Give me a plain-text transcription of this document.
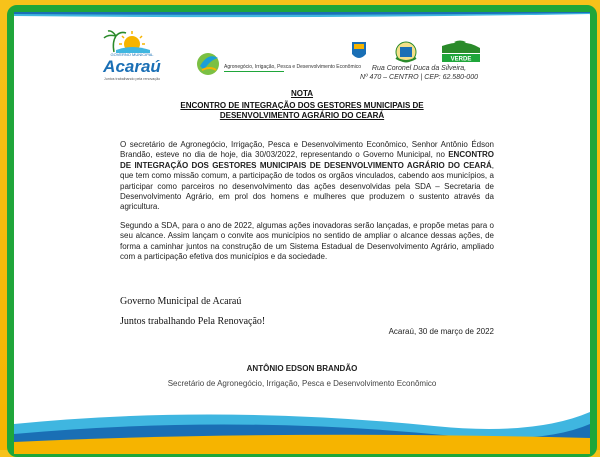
GOVERNO MUNICIPAL
Acaraú
Juntos trabalhando pela renovação
Agronegócio, Irrigação, Pesca e Desenvolvimento Econômico
VERDE
Rua Coronel Duca da Silveira,
Nº 470 – CENTRO | CEP: 62.580-000
NOTA
ENCONTRO DE INTEGRAÇÃO DOS GESTORES MUNICIPAIS DE
DESENVOLVIMENTO AGRÁRIO DO CEARÁ

O secretário de Agronegócio, Irrigação, Pesca e Desenvolvimento Econômico, Senhor Antônio Édson Brandão, esteve no dia de hoje, dia 30/03/2022, representando o Governo Municipal, no ENCONTRO DE INTEGRAÇÃO DOS GESTORES MUNICIPAIS DE DESENVOLVIMENTO AGRÁRIO DO CEARÁ, que tem como missão comum, a participação de todos os orgãos vinculados, cabendo aos municípios, a participar como parceiros no desenvolvimento das ações desenvolvidas pela SDA – Secretaria de Desenvolvimento Agrário, em prol dos homens e mulheres que produzem o sustento através da agricultura.

Segundo a SDA, para o ano de 2022, algumas ações inovadoras serão lançadas, e propõe metas para o seu alcance. Assim lançam o convite aos municípios no sentido de ampliar o alcance dessas ações, de forma a caminhar juntos na construção de um Sistema Estadual de Desenvolvimento Agrário, ampliado com a participação efetiva dos municípios e da sociedade.

Governo Municipal de Acaraú
Juntos trabalhando Pela Renovação!
Acaraú, 30 de março de 2022
ANTÔNIO EDSON BRANDÃO
Secretário de Agronegócio, Irrigação, Pesca e Desenvolvimento Econômico
